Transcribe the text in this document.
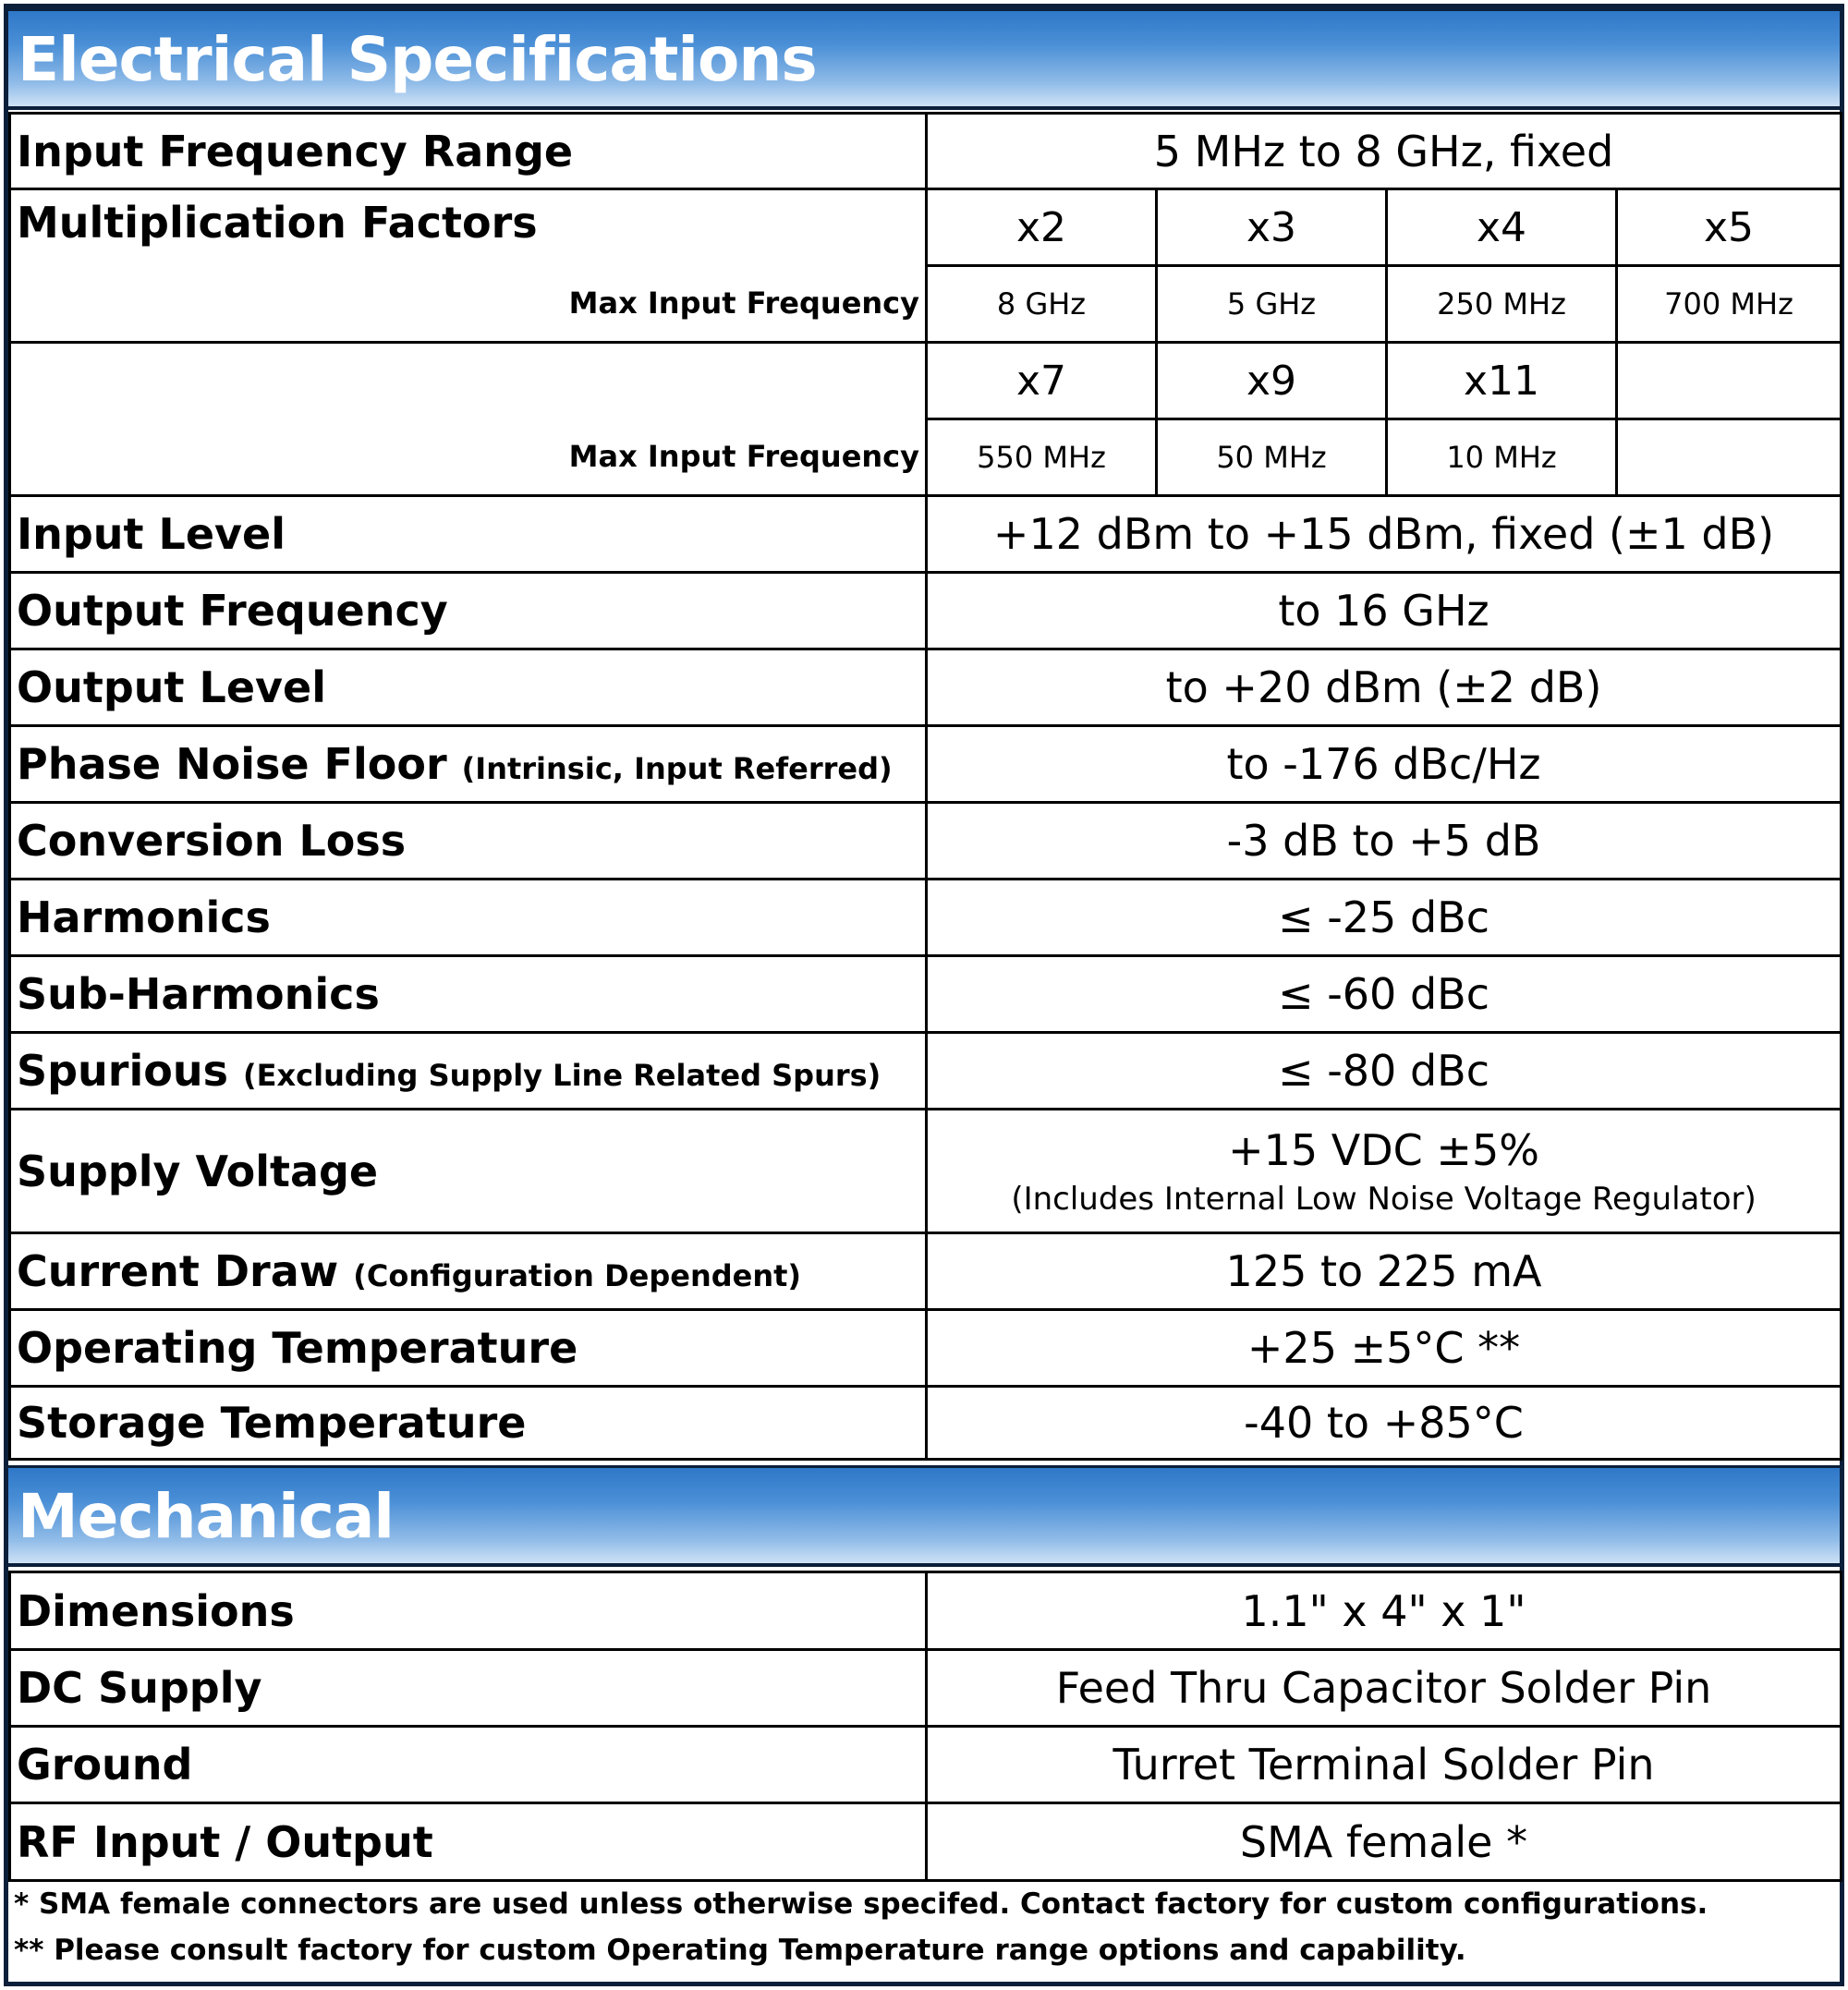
Electrical Specifications
Input Frequency Range	5 MHz to 8 GHz, fixed			
Multiplication Factors	x2	x3	x4	x5
Max Input Frequency	8 GHz	5 GHz	250 MHz	700 MHz
	x7	x9	x11	
Max Input Frequency	550 MHz	50 MHz	10 MHz	
Input Level	+12 dBm to +15 dBm, fixed (±1 dB)			
Output Frequency	to 16 GHz			
Output Level	to +20 dBm (±2 dB)			
Phase Noise Floor (Intrinsic, Input Referred)	to -176 dBc/Hz			
Conversion Loss	-3 dB to +5 dB			
Harmonics	≤ -25 dBc			
Sub-Harmonics	≤ -60 dBc			
Spurious (Excluding Supply Line Related Spurs)	≤ -80 dBc			
Supply Voltage	+15 VDC ±5%
(Includes Internal Low Noise Voltage Regulator)			

Current Draw (Configuration Dependent)	125 to 225 mA			
Operating Temperature	+25 ±5°C **			
Storage Temperature	-40 to +85°C			
Mechanical
Dimensions	1.1" x 4" x 1"
DC Supply	Feed Thru Capacitor Solder Pin
Ground	Turret Terminal Solder Pin
RF Input / Output	SMA female *
* SMA female connectors are used unless otherwise specifed. Contact factory for custom configurations.
** Please consult factory for custom Operating Temperature range options and capability.
